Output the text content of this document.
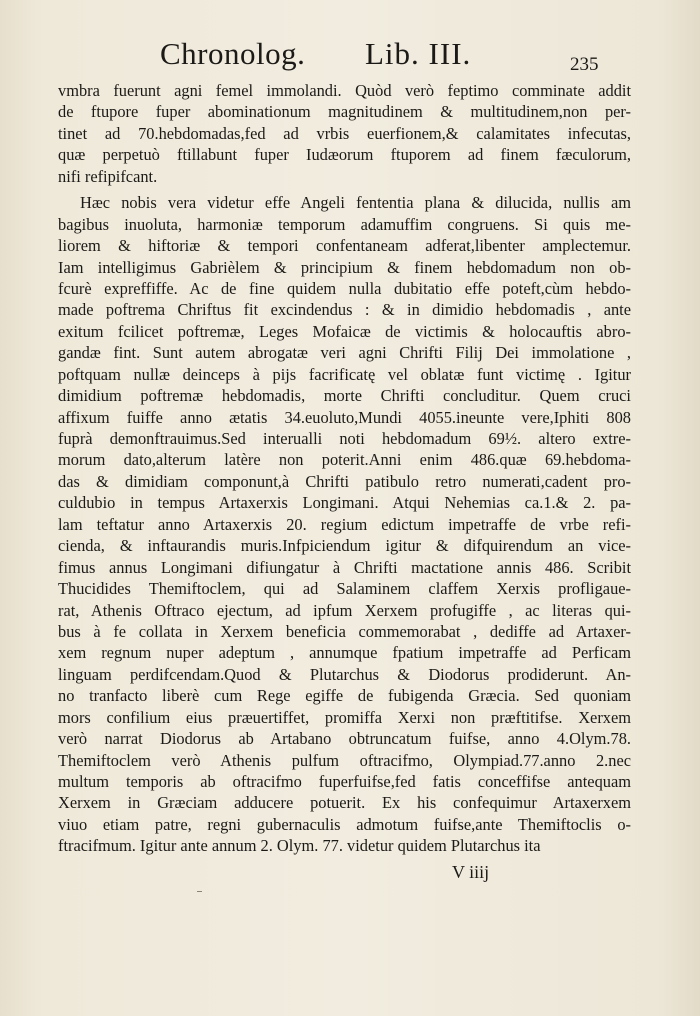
Chronolog. Lib. III.	235
vmbra fuerunt agni femel immolandi. Quòd verò feptimo comminate addit
de ftupore fuper abominationum magnitudinem & multitudinem,non per-
tinet ad 70.hebdomadas,fed ad vrbis euerfionem,& calamitates infecutas,
quæ perpetuò ftillabunt fuper Iudæorum ftuporem ad finem fæculorum,
nifi refipifcant.
Hæc nobis vera videtur effe Angeli fententia plana & dilucida, nullis am
bagibus inuoluta, harmoniæ temporum adamuffim congruens. Si quis me-
liorem & hiftoriæ & tempori confentaneam adferat,libenter amplectemur.
Iam intelligimus Gabrièlem & principium & finem hebdomadum non ob-
fcurè expreffiffe. Ac de fine quidem nulla dubitatio effe poteft,cùm hebdo-
made poftrema Chriftus fit excindendus : & in dimidio hebdomadis , ante
exitum fcilicet poftremæ, Leges Mofaicæ de victimis & holocauftis abro-
gandæ fint. Sunt autem abrogatæ veri agni Chrifti Filij Dei immolatione ,
poftquam nullæ deinceps à pijs facrificatę vel oblatæ funt victimę . Igitur
dimidium poftremæ hebdomadis, morte Chrifti concluditur. Quem cruci
affixum fuiffe anno ætatis 34.euoluto,Mundi 4055.ineunte vere,Iphiti 808
fuprà demonftrauimus.Sed interualli noti hebdomadum 69½. altero extre-
morum dato,alterum latère non poterit.Anni enim 486.quæ 69.hebdoma-
das & dimidiam componunt,à Chrifti patibulo retro numerati,cadent pro-
culdubio in tempus Artaxerxis Longimani. Atqui Nehemias ca.1.& 2. pa-
lam teftatur anno Artaxerxis 20. regium edictum impetraffe de vrbe refi-
cienda, & inftaurandis muris.Infpiciendum igitur & difquirendum an vice-
fimus annus Longimani difiungatur à Chrifti mactatione annis 486. Scribit
Thucidides Themiftoclem, qui ad Salaminem claffem Xerxis profligaue-
rat, Athenis Oftraco ejectum, ad ipfum Xerxem profugiffe , ac literas qui-
bus à fe collata in Xerxem beneficia commemorabat , dediffe ad Artaxer-
xem regnum nuper adeptum , annumque fpatium impetraffe ad Perficam
linguam perdifcendam.Quod & Plutarchus & Diodorus prodiderunt. An-
no tranfacto liberè cum Rege egiffe de fubigenda Græcia. Sed quoniam
mors confilium eius præuertiffet, promiffa Xerxi non præftitifse. Xerxem
verò narrat Diodorus ab Artabano obtruncatum fuifse, anno 4.Olym.78.
Themiftoclem verò Athenis pulfum oftracifmo, Olympiad.77.anno 2.nec
multum temporis ab oftracifmo fuperfuifse,fed fatis conceffifse antequam
Xerxem in Græciam adducere potuerit. Ex his confequimur Artaxerxem
viuo etiam patre, regni gubernaculis admotum fuifse,ante Themiftoclis o-
ftracifmum. Igitur ante annum 2. Olym. 77. videtur quidem Plutarchus ita
V iiij
